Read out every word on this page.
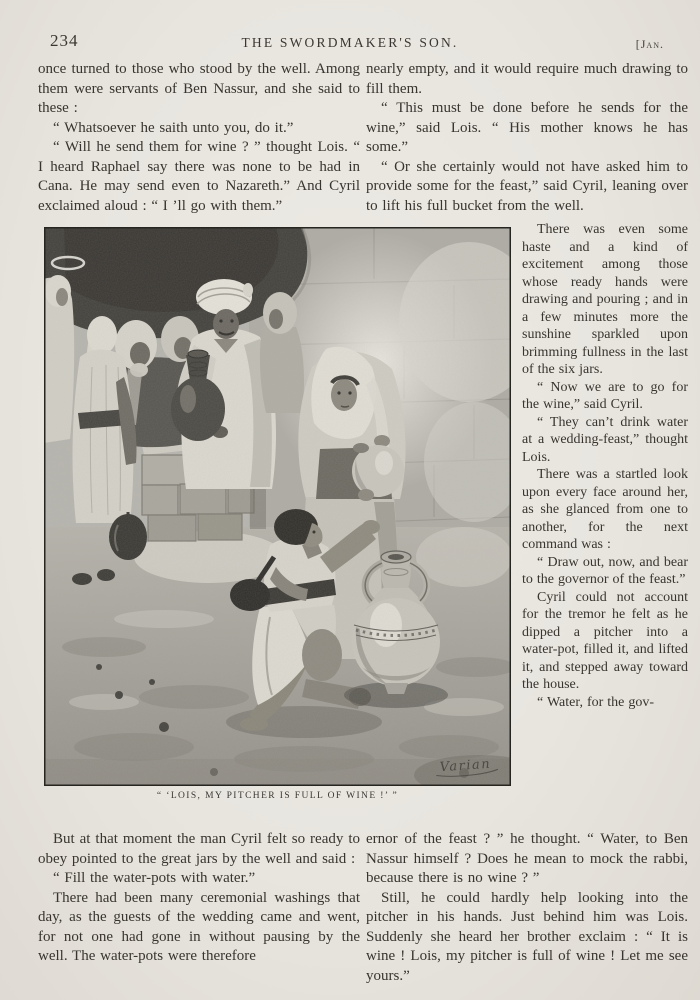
234	THE SWORDMAKER'S SON.	[Jan.

once turned to those who stood by the well. Among them were servants of Ben Nassur, and she said to these :

“ Whatsoever he saith unto you, do it.”

“ Will he send them for wine ? ” thought Lois. “ I heard Raphael say there was none to be had in Cana. He may send even to Nazareth.” And Cyril exclaimed aloud : “ I ’ll go with them.”

nearly empty, and it would require much drawing to fill them.

“ This must be done before he sends for the wine,” said Lois. “ His mother knows he has some.”

“ Or she certainly would not have asked him to provide some for the feast,” said Cyril, leaning over to lift his full bucket from the well.

There was even some haste and a kind of excitement among those whose ready hands were drawing and pouring ; and in a few minutes more the sunshine sparkled upon brimming fullness in the last of the six jars.

“ Now we are to go for the wine,” said Cyril.

“ They can’t drink water at a wedding-feast,” thought Lois.

There was a startled look upon every face around her, as she glanced from one to another, for the next command was :

“ Draw out, now, and bear to the governor of the feast.”

Cyril could not account for the tremor he felt as he dipped a pitcher into a water-pot, filled it, and lifted it, and stepped away toward the house.

“ Water, for the gov-

Varian
“ ‘LOIS, MY PITCHER IS FULL OF WINE !’ ”

But at that moment the man Cyril felt so ready to obey pointed to the great jars by the well and said :

“ Fill the water-pots with water.”

There had been many ceremonial washings that day, as the guests of the wedding came and went, for not one had gone in without pausing by the well. The water-pots were therefore

ernor of the feast ? ” he thought. “ Water, to Ben Nassur himself ? Does he mean to mock the rabbi, because there is no wine ? ”

Still, he could hardly help looking into the pitcher in his hands. Just behind him was Lois. Suddenly she heard her brother exclaim : “ It is wine ! Lois, my pitcher is full of wine ! Let me see yours.”
